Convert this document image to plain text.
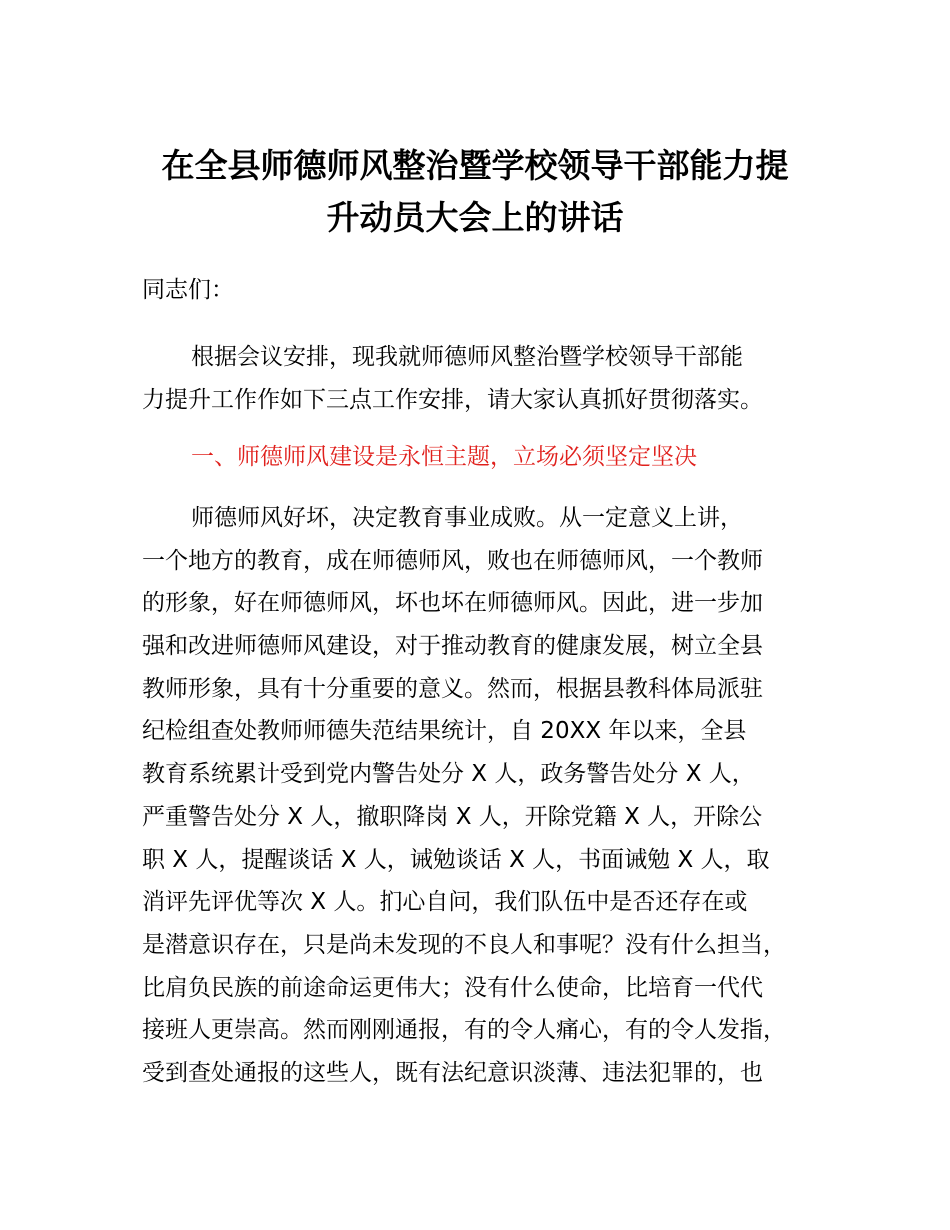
在全县师德师风整治暨学校领导干部能力提
升动员大会上的讲话
同志们：
根据会议安排，现我就师德师风整治暨学校领导干部能
力提升工作作如下三点工作安排，请大家认真抓好贯彻落实。
一、师德师风建设是永恒主题，立场必须坚定坚决
师德师风好坏，决定教育事业成败。从一定意义上讲，
一个地方的教育，成在师德师风，败也在师德师风，一个教师
的形象，好在师德师风，坏也坏在师德师风。因此，进一步加
强和改进师德师风建设，对于推动教育的健康发展，树立全县
教师形象，具有十分重要的意义。然而，根据县教科体局派驻
纪检组查处教师师德失范结果统计，自 20XX 年以来，全县
教育系统累计受到党内警告处分 X 人，政务警告处分 X 人，
严重警告处分 X 人，撤职降岗 X 人，开除党籍 X 人，开除公
职 X 人，提醒谈话 X 人，诫勉谈话 X 人，书面诫勉 X 人，取
消评先评优等次 X 人。扪心自问，我们队伍中是否还存在或
是潜意识存在，只是尚未发现的不良人和事呢？没有什么担当，
比肩负民族的前途命运更伟大；没有什么使命，比培育一代代
接班人更崇高。然而刚刚通报，有的令人痛心，有的令人发指，
受到查处通报的这些人，既有法纪意识淡薄、违法犯罪的，也
